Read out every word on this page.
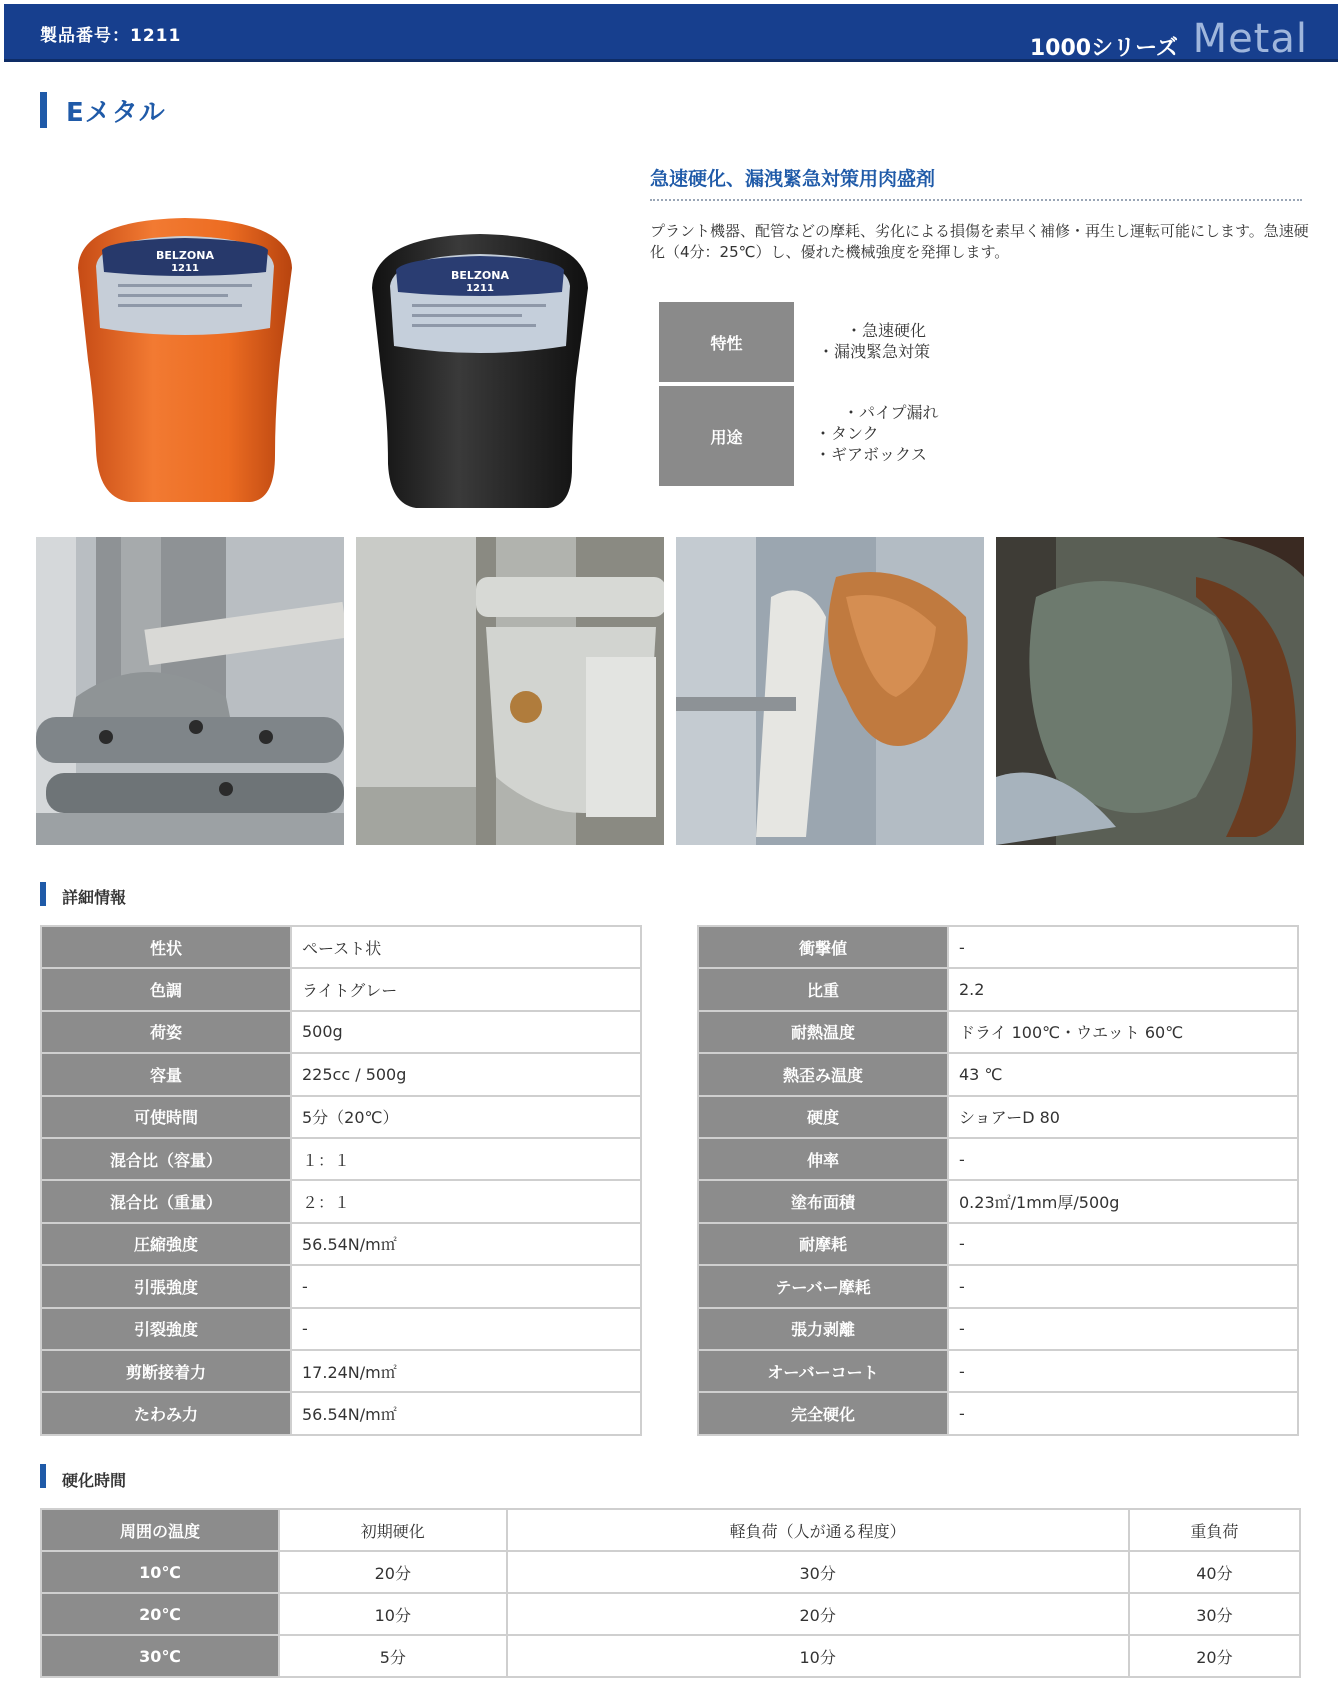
製品番号：1211	1000シリーズ Metal
Eメタル
BELZONA
1211
BELZONA
1211
急速硬化、漏洩緊急対策用肉盛剤
プラント機器、配管などの摩耗、劣化による損傷を素早く補修・再生し運転可能にします。急速硬化（4分：25℃）し、優れた機械強度を発揮します。
特性
・急速硬化
・漏洩緊急対策
用途
・パイプ漏れ
・タンク
・ギアボックス
詳細情報
性状	ペースト状
色調	ライトグレー
荷姿	500g
容量	225cc / 500g
可使時間	5分（20℃）
混合比（容量）	１：１
混合比（重量）	２：１
圧縮強度	56.54N/m㎡
引張強度	-
引裂強度	-
剪断接着力	17.24N/m㎡
たわみ力	56.54N/m㎡
衝撃値	-
比重	2.2
耐熱温度	ドライ 100℃・ウエット 60℃
熱歪み温度	43 ℃
硬度	ショアーD 80
伸率	-
塗布面積	0.23㎡/1mm厚/500g
耐摩耗	-
テーバー摩耗	-
張力剥離	-
オーバーコート	-
完全硬化	-
硬化時間
周囲の温度	初期硬化	軽負荷（人が通る程度）	重負荷
10℃	20分	30分	40分
20℃	10分	20分	30分
30℃	5分	10分	20分
